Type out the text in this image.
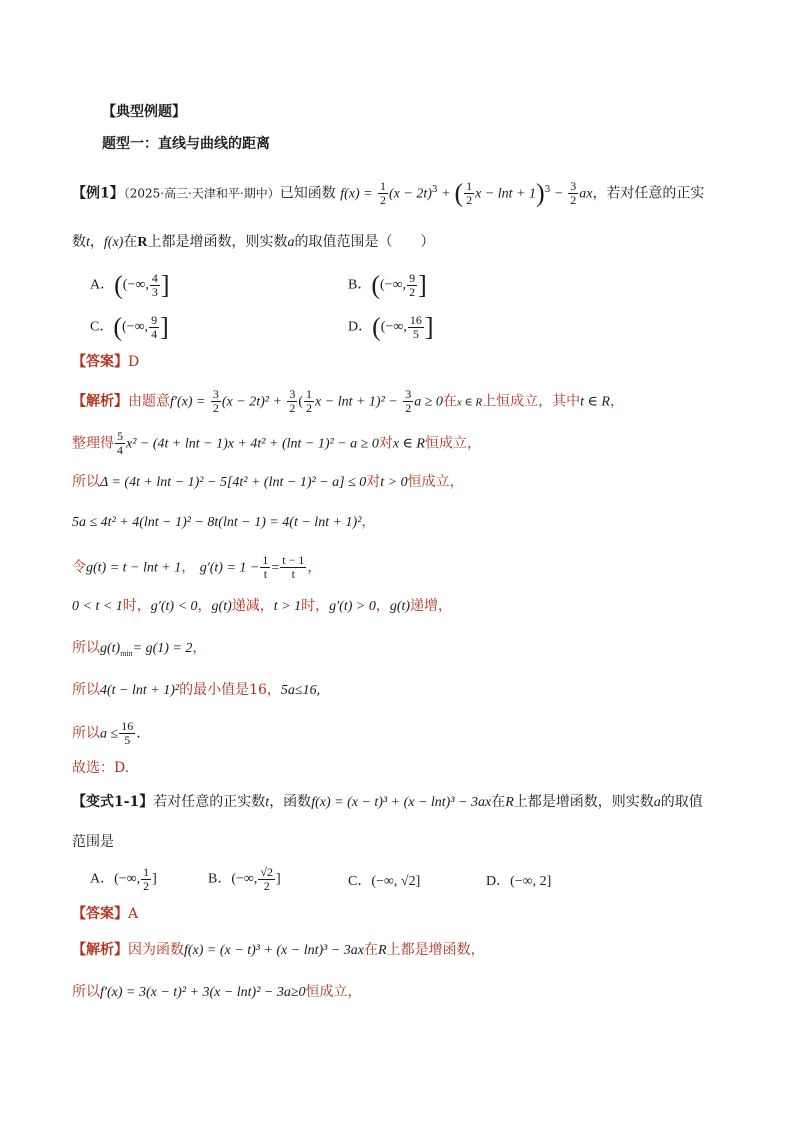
【典型例题】
题型一：直线与曲线的距离
【例1】（2025·高三·天津和平·期中）已知函数 $f(x) = \frac{1}{2} (x - 2t)^3$ + ( $\frac{1}{2}$ $x - \ln t + 1)^3 - \frac{3}{2}$ ax，若对任意的正实
数t，f(x)在R上都是增函数，则实数a的取值范围是（　　）
A．((−∞, $\frac{4}{3}$ ]	B．((−∞, $\frac{9}{2}$ ]
C．((−∞, $\frac{9}{4}$ ]	D．((−∞, $\frac{16}{5}$ ]
【答案】D
【解析】由题意$f'(x) = \frac{3}{2} (x - 2t)^2 + \frac{3}{2}$ ( $\frac{1}{2}$ $x - \ln t + 1)^2 - \frac{3}{2}$ a ≥ 0在x ∈ R上恒成立，其中t ∈ R，
整理得 $\frac{5}{4} x^2 - (4t + \ln t - 1)x + 4t^2 + (\ln t - 1)^2 - a \ge 0$对x ∈ R恒成立，
所以Δ = (4t + lnt − 1)² − 5[4t² + (lnt − 1)² − a] ≤ 0对t > 0恒成立，
5a ≤ 4t² + 4(lnt − 1)² − 8t(lnt − 1) = 4(t − lnt + 1)²，
令g(t) = t − lnt + 1， $g'(t) = 1 - \frac{1}{t} = \frac{t - 1}{t}$ ，
0 < t < 1时，g′(t) < 0，g(t)递减，t > 1时，g′(t) > 0，g(t)递增，
所以$g(t)_{min}= g(1) = 2$，
所以4(t − lnt + 1)²的最小值是16，5a≤16,
所以$a \le \frac{16}{5}$ .
故选：D.
【变式1-1】若对任意的正实数t，函数f(x) = (x − t)³ + (x − lnt)³ − 3ax在R上都是增函数，则实数a的取值
范围是
A．(−∞, $\frac{1}{2}$ ]	B．(−∞, $\frac{√2}{2}$ ]	C．(−∞, √2]	D．(−∞, 2]
【答案】A
【解析】因为函数f(x) = (x − t)³ + (x − lnt)³ − 3ax在R上都是增函数，
所以f′(x) = 3(x − t)² + 3(x − lnt)² − 3a≥0恒成立，
